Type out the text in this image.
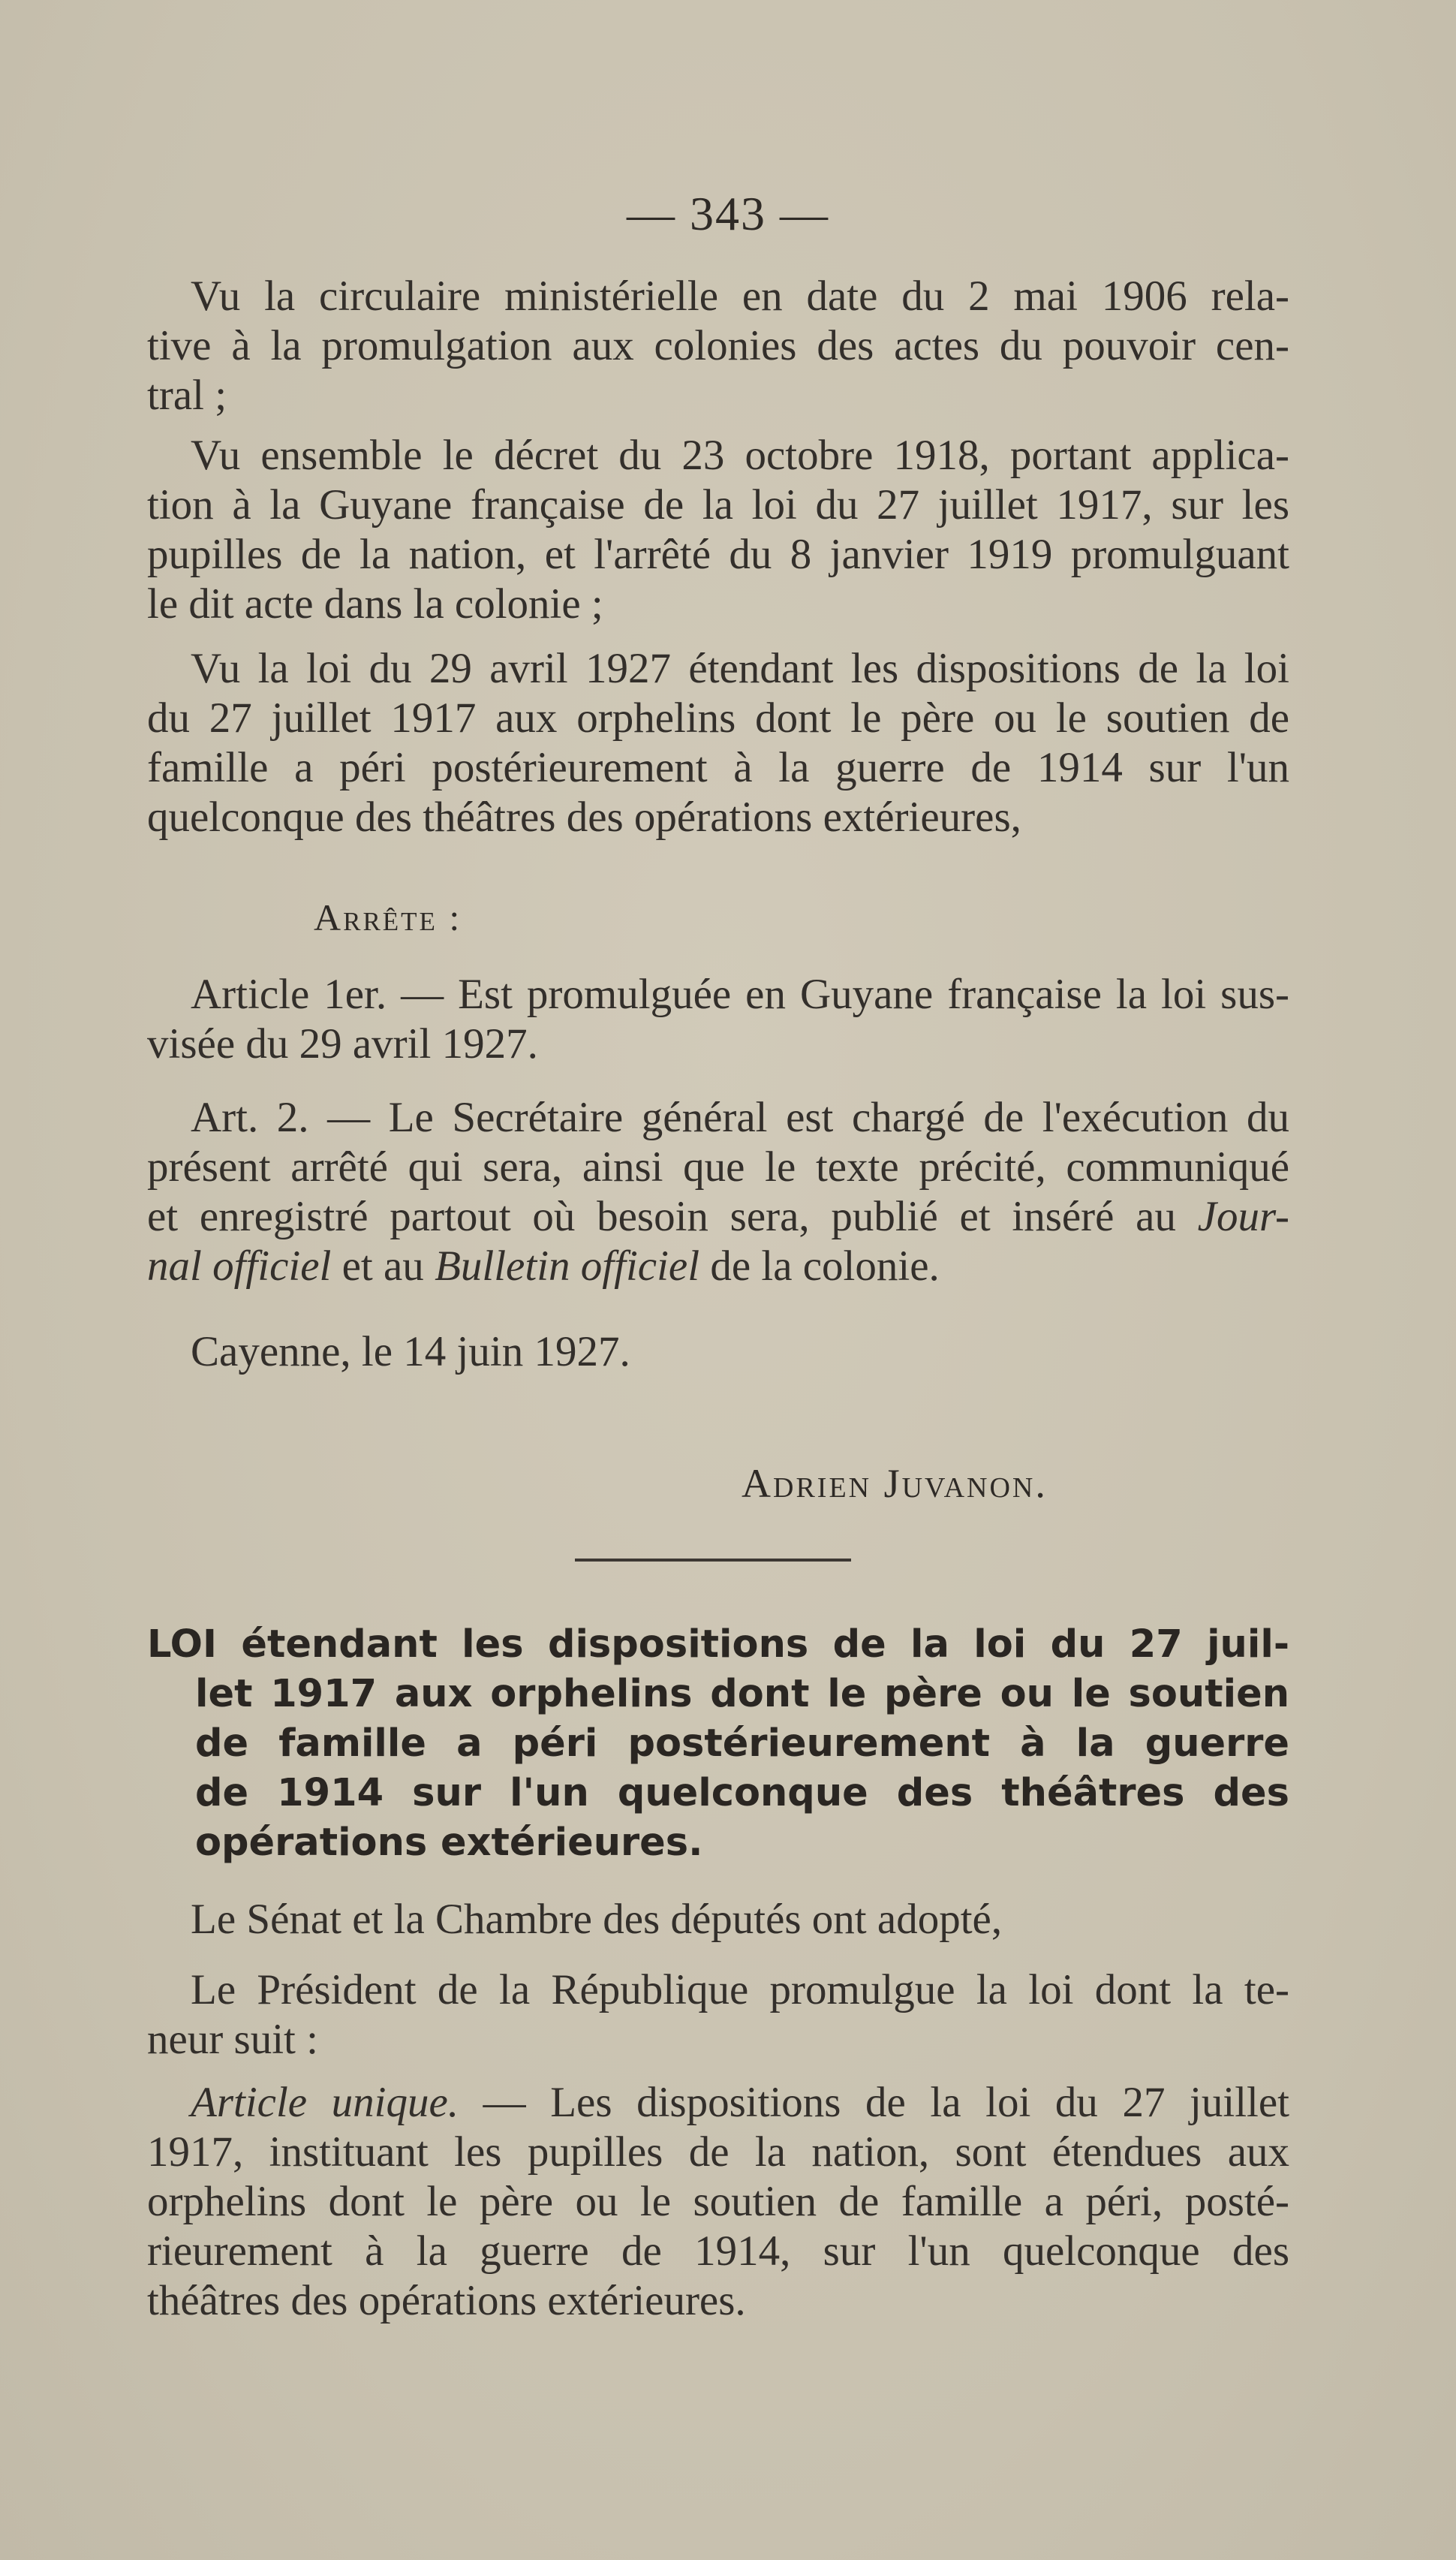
— 343 —
Vu la circulaire ministérielle en date du 2 mai 1906 rela-
tive à la promulgation aux colonies des actes du pouvoir cen-
tral ;
Vu ensemble le décret du 23 octobre 1918, portant applica-
tion à la Guyane française de la loi du 27 juillet 1917, sur les
pupilles de la nation, et l'arrêté du 8 janvier 1919 promulguant
le dit acte dans la colonie ;
Vu la loi du 29 avril 1927 étendant les dispositions de la loi
du 27 juillet 1917 aux orphelins dont le père ou le soutien de
famille a péri postérieurement à la guerre de 1914 sur l'un
quelconque des théâtres des opérations extérieures,
Arrête :
Article 1er. — Est promulguée en Guyane française la loi sus-
visée du 29 avril 1927.
Art. 2. — Le Secrétaire général est chargé de l'exécution du
présent arrêté qui sera, ainsi que le texte précité, communiqué
et enregistré partout où besoin sera, publié et inséré au Jour-
nal officiel et au Bulletin officiel de la colonie.
Cayenne, le 14 juin 1927.
Adrien Juvanon.
LOI étendant les dispositions de la loi du 27 juil-
let 1917 aux orphelins dont le père ou le soutien
de famille a péri postérieurement à la guerre
de 1914 sur l'un quelconque des théâtres des
opérations extérieures.
Le Sénat et la Chambre des députés ont adopté,
Le Président de la République promulgue la loi dont la te-
neur suit :
Article unique. — Les dispositions de la loi du 27 juillet
1917, instituant les pupilles de la nation, sont étendues aux
orphelins dont le père ou le soutien de famille a péri, posté-
rieurement à la guerre de 1914, sur l'un quelconque des
théâtres des opérations extérieures.
